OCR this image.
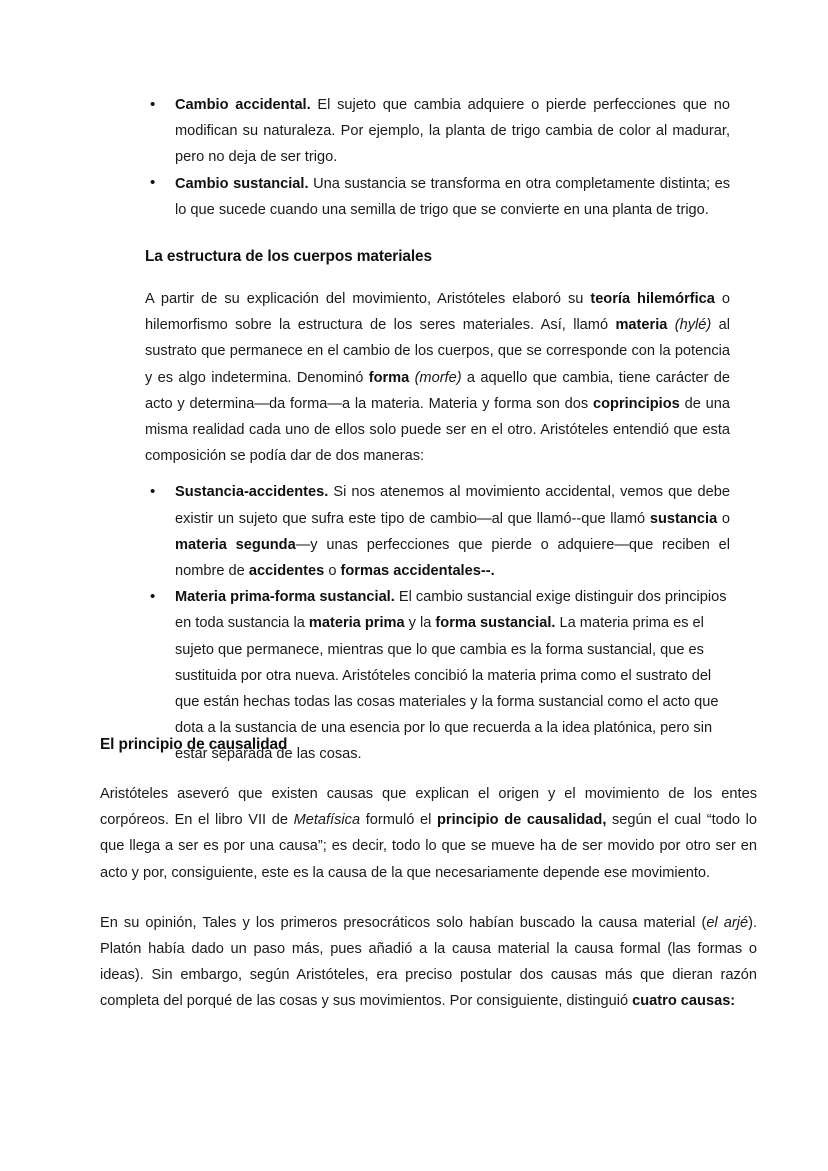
• Cambio accidental. El sujeto que cambia adquiere o pierde perfecciones que no modifican su naturaleza. Por ejemplo, la planta de trigo cambia de color al madurar, pero no deja de ser trigo.
• Cambio sustancial. Una sustancia se transforma en otra completamente distinta; es lo que sucede cuando una semilla de trigo que se convierte en una planta de trigo.
La estructura de los cuerpos materiales

A partir de su explicación del movimiento, Aristóteles elaboró su teoría hilemórfica o hilemorfismo sobre la estructura de los seres materiales. Así, llamó materia (hylé) al sustrato que permanece en el cambio de los cuerpos, que se corresponde con la potencia y es algo indetermina. Denominó forma (morfe) a aquello que cambia, tiene carácter de acto y determina—da forma—a la materia. Materia y forma son dos coprincipios de una misma realidad cada uno de ellos solo puede ser en el otro. Aristóteles entendió que esta composición se podía dar de dos maneras:

• Sustancia-accidentes. Si nos atenemos al movimiento accidental, vemos que debe existir un sujeto que sufra este tipo de cambio—al que llamó--que llamó sustancia o materia segunda—y unas perfecciones que pierde o adquiere—que reciben el nombre de accidentes o formas accidentales--.
• Materia prima-forma sustancial. El cambio sustancial exige distinguir dos principios en toda sustancia la materia prima y la forma sustancial. La materia prima es el sujeto que permanece, mientras que lo que cambia es la forma sustancial, que es sustituida por otra nueva. Aristóteles concibió la materia prima como el sustrato del que están hechas todas las cosas materiales y la forma sustancial como el acto que dota a la sustancia de una esencia por lo que recuerda a la idea platónica, pero sin estar separada de las cosas.
El principio de causalidad

Aristóteles aseveró que existen causas que explican el origen y el movimiento de los entes corpóreos. En el libro VII de Metafísica formuló el principio de causalidad, según el cual “todo lo que llega a ser es por una causa”; es decir, todo lo que se mueve ha de ser movido por otro ser en acto y por, consiguiente, este es la causa de la que necesariamente depende ese movimiento.

En su opinión, Tales y los primeros presocráticos solo habían buscado la causa material (el arjé). Platón había dado un paso más, pues añadió a la causa material la causa formal (las formas o ideas). Sin embargo, según Aristóteles, era preciso postular dos causas más que dieran razón completa del porqué de las cosas y sus movimientos. Por consiguiente, distinguió cuatro causas:
